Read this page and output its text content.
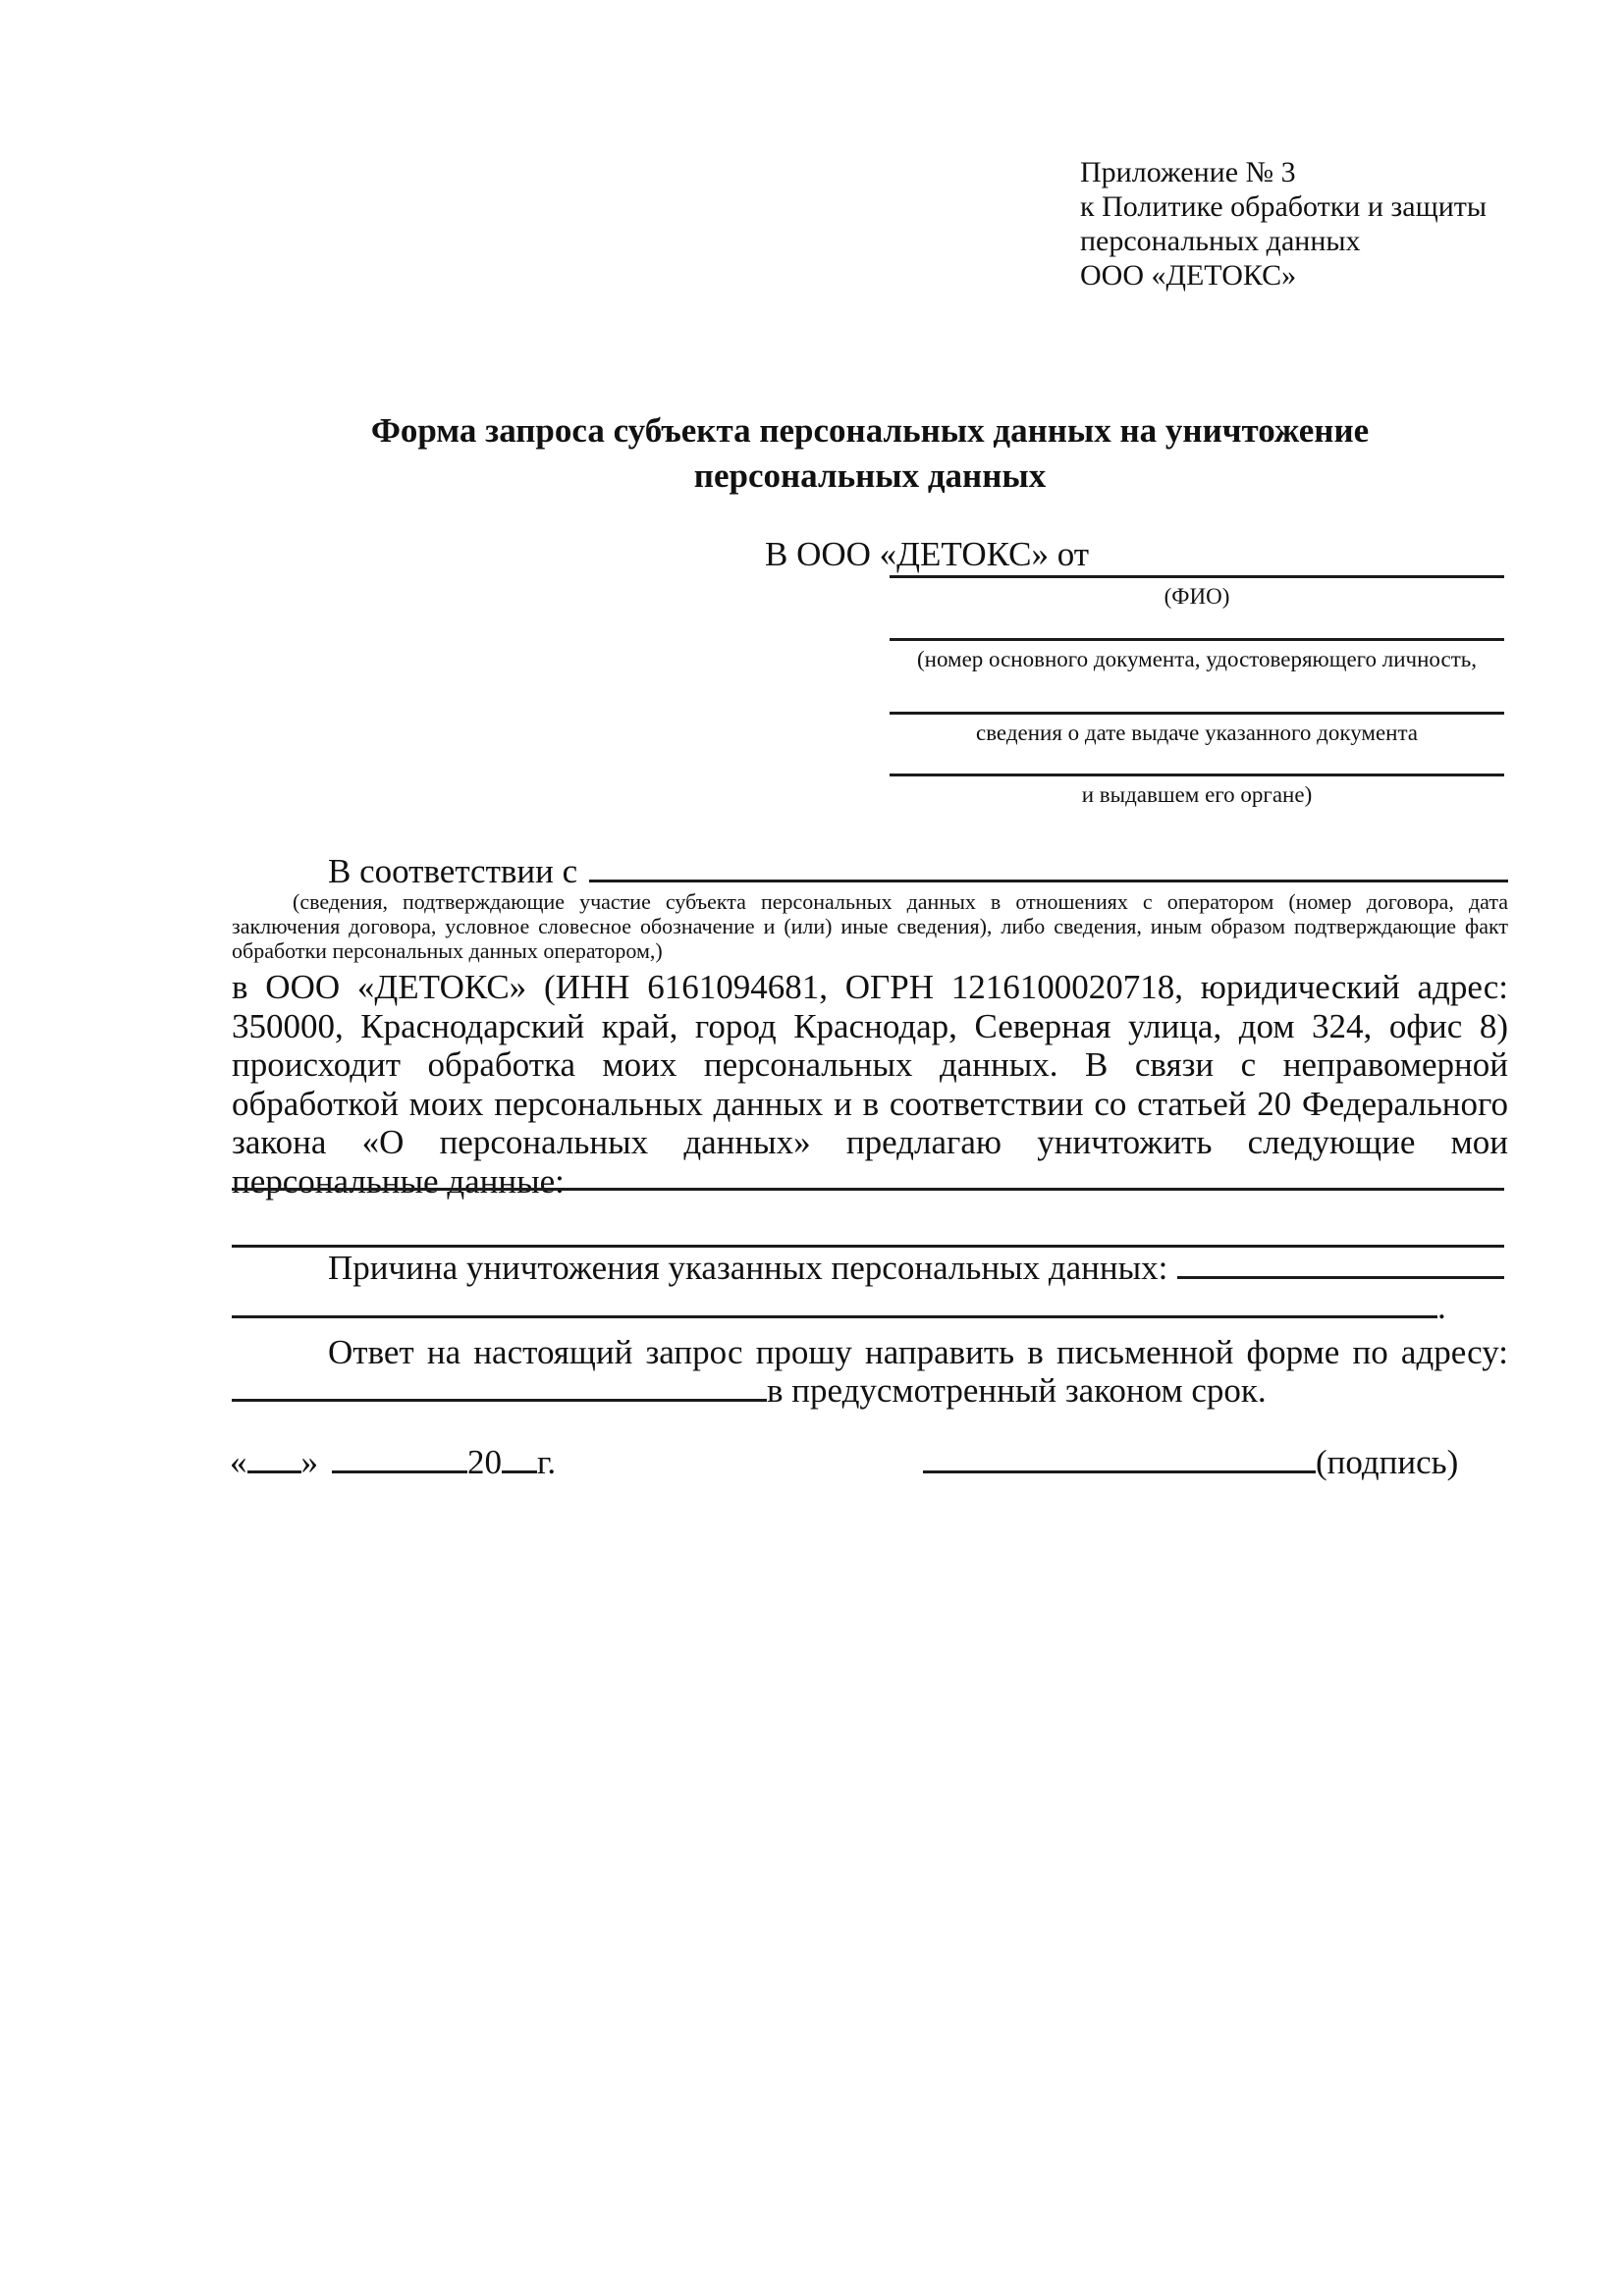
Приложение № 3
к Политике обработки и защиты
персональных данных
ООО «ДЕТОКС»
Форма запроса субъекта персональных данных на уничтожение
персональных данных
В ООО «ДЕТОКС» от
(ФИО)
(номер основного документа, удостоверяющего личность,
сведения о дате выдаче указанного документа
и выдавшем его органе)
В соответствии с
(сведения, подтверждающие участие субъекта персональных данных в отношениях с оператором (номер договора, дата заключения договора, условное словесное обозначение и (или) иные сведения), либо сведения, иным образом подтверждающие факт обработки персональных данных оператором,)
в ООО «ДЕТОКС» (ИНН 6161094681, ОГРН 1216100020718, юридический адрес: 350000, Краснодарский край, город Краснодар, Северная улица, дом 324, офис 8) происходит обработка моих персональных данных. В связи с неправомерной обработкой моих персональных данных и в соответствии со статьей 20 Федерального закона «О персональных данных» предлагаю уничтожить следующие мои персональные данные:
Причина уничтожения указанных персональных данных:
.
Ответ на настоящий запрос прошу направить в письменной форме по адресу:
в предусмотренный законом срок.
« »	20 г.	(подпись)
